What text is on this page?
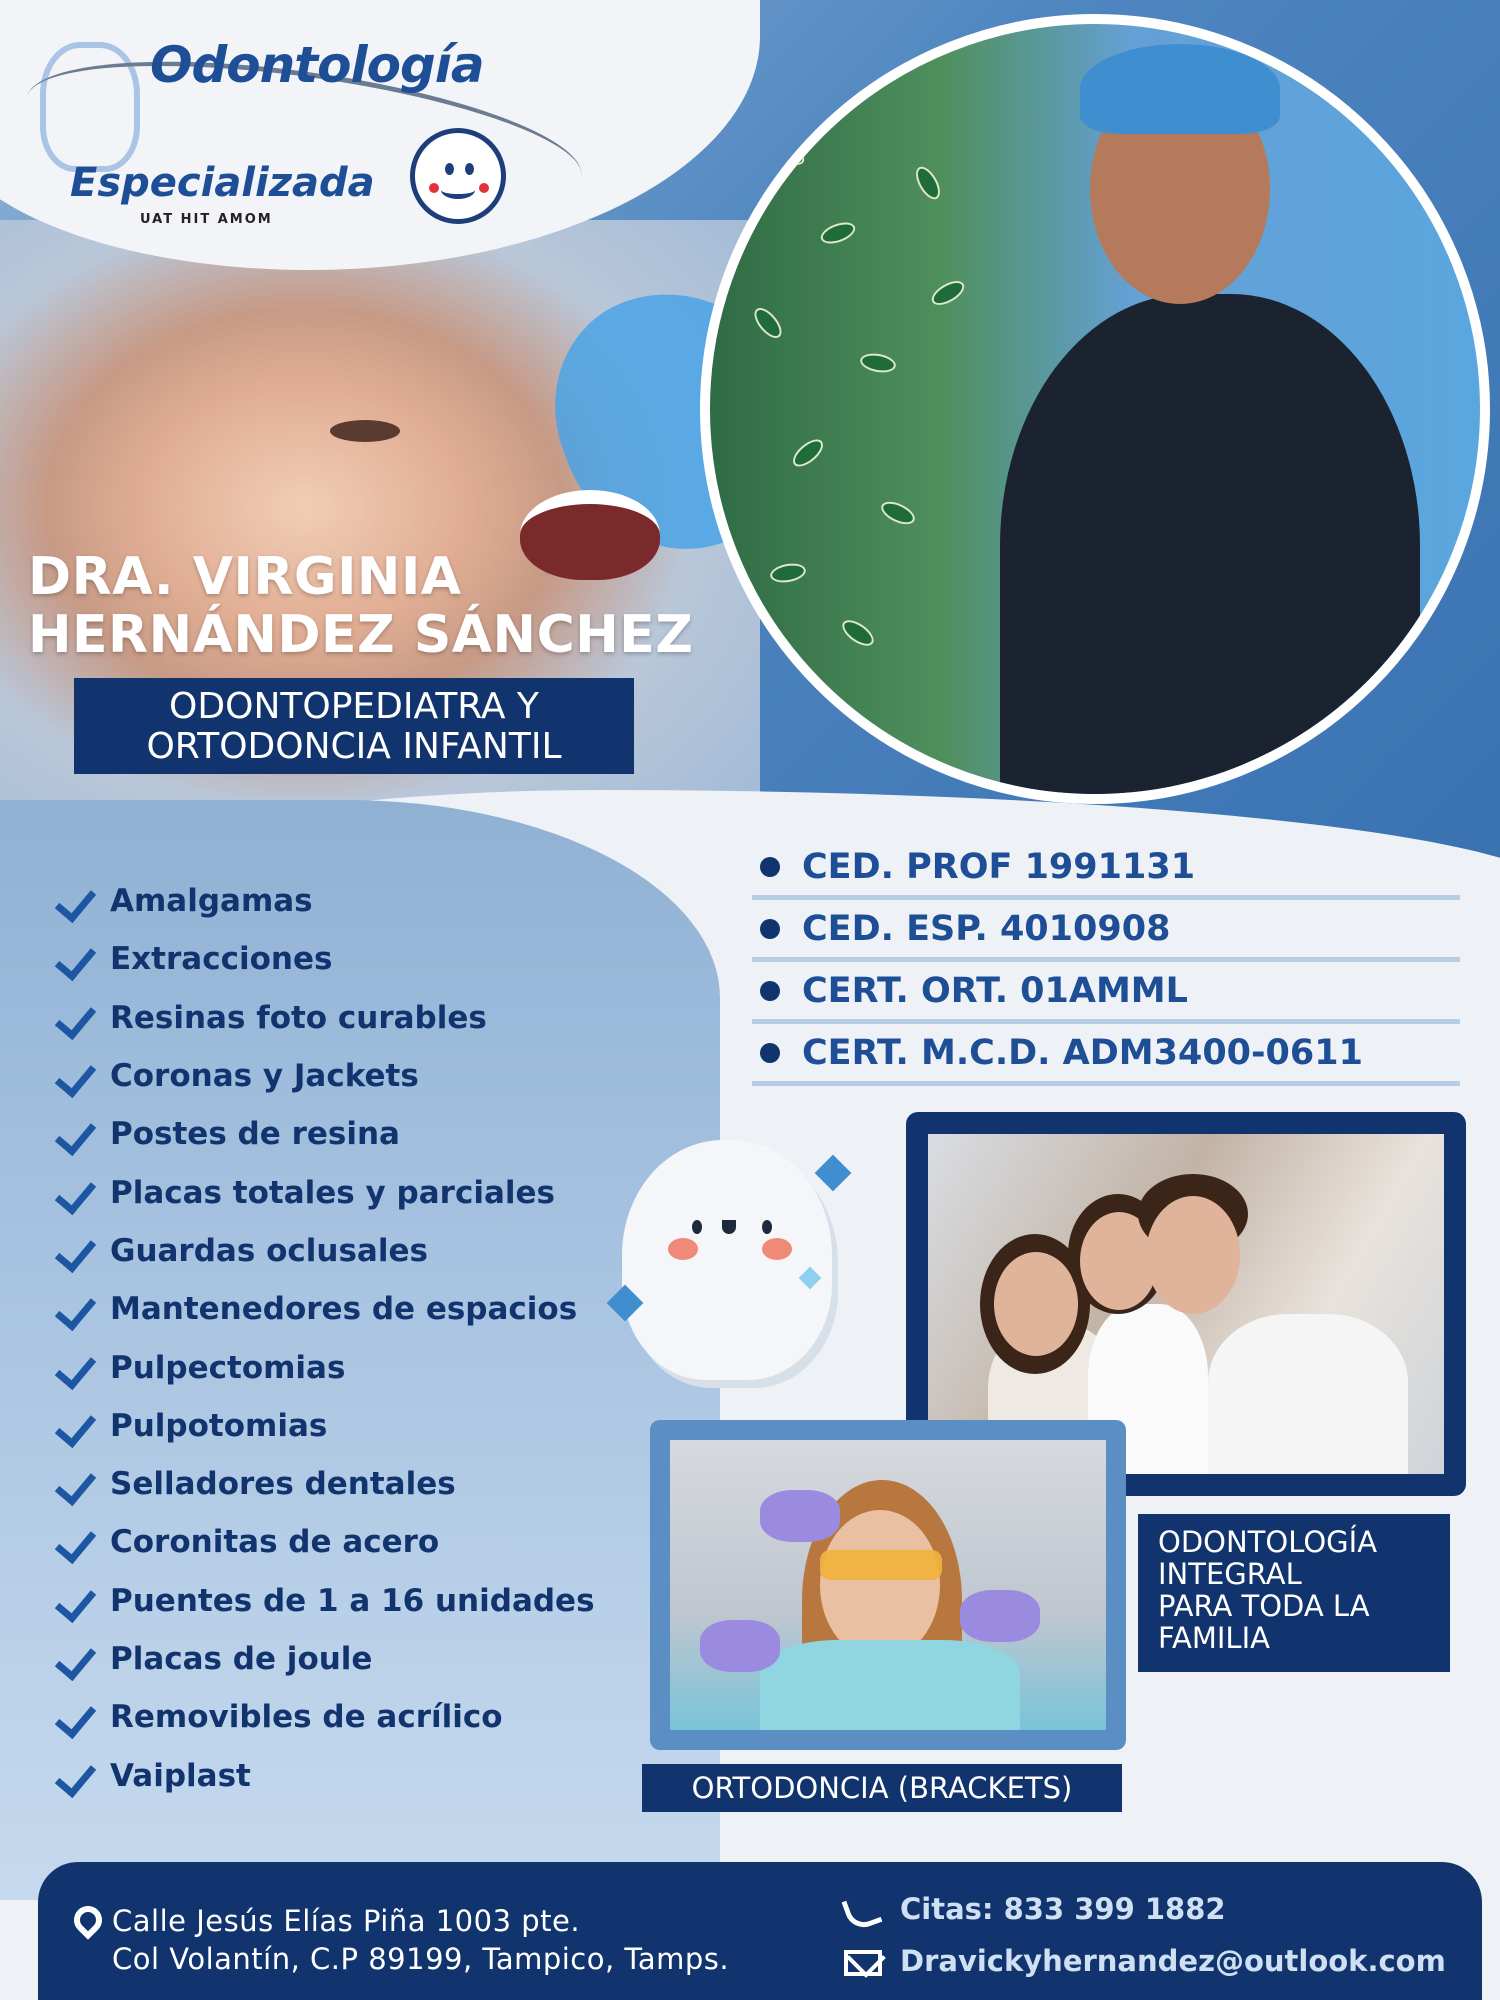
Odontología
Especializada
UAT HIT AMOM
DRA. VIRGINIA
HERNÁNDEZ SÁNCHEZ
ODONTOPEDIATRA Y
ORTODONCIA INFANTIL
Amalgamas
Extracciones
Resinas foto curables
Coronas y Jackets
Postes de resina
Placas totales y parciales
Guardas oclusales
Mantenedores de espacios
Pulpectomias
Pulpotomias
Selladores dentales
Coronitas de acero
Puentes de 1 a 16 unidades
Placas de joule
Removibles de acrílico
Vaiplast
CED. PROF 1991131
CED. ESP. 4010908
CERT. ORT. 01AMML
CERT. M.C.D. ADM3400-0611
ODONTOLOGÍA
INTEGRAL
PARA TODA LA
FAMILIA
ORTODONCIA (BRACKETS)
Calle Jesús Elías Piña 1003 pte.
Col Volantín, C.P 89199, Tampico, Tamps.
Citas: 833 399 1882
Dravickyhernandez@outlook.com
